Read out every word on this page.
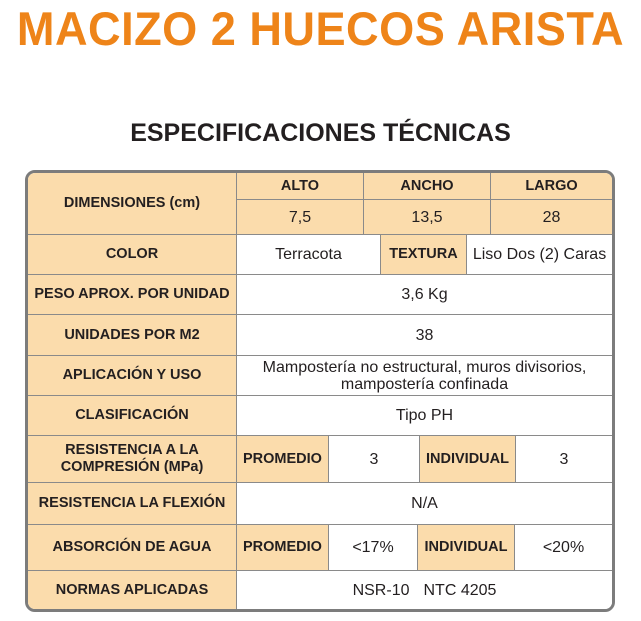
MACIZO 2 HUECOS ARISTA
ESPECIFICACIONES TÉCNICAS
DIMENSIONES (cm)
ALTO	ANCHO	LARGO
7,5	13,5	28
COLOR	Terracota	TEXTURA Liso Dos (2) Caras
PESO APROX. POR UNIDAD	3,6 Kg
UNIDADES POR M2	38
APLICACIÓN Y USO	Mampostería no estructural, muros divisorios,
mampostería confinada
CLASIFICACIÓN	Tipo PH
RESISTENCIA A LA
COMPRESIÓN (MPa)
PROMEDIO	3	INDIVIDUAL	3
RESISTENCIA LA FLEXIÓN	N/A
ABSORCIÓN DE AGUA	PROMEDIO	<17%	INDIVIDUAL	<20%
NORMAS APLICADAS	NSR-10 NTC 4205
